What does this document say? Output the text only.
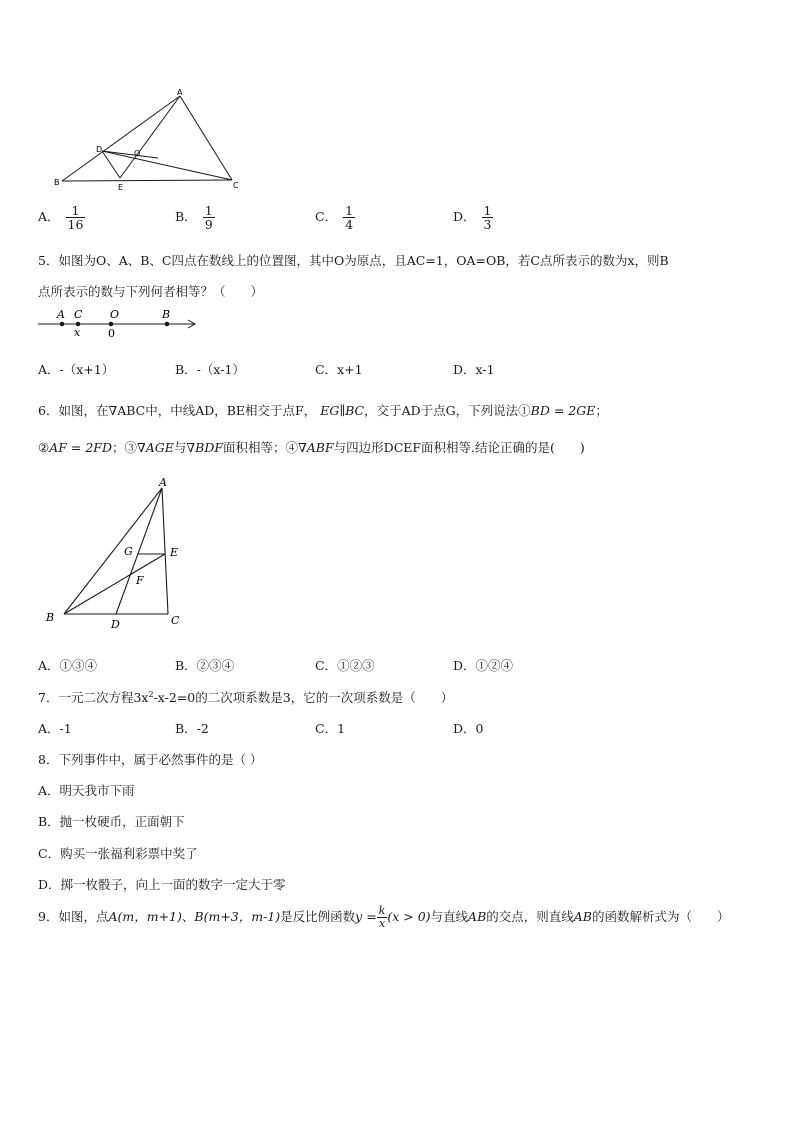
A
B	C
D
E
O
A． $\frac{1}{16}$	B． $\frac{1}{9}$	C． $\frac{1}{4}$	D． $\frac{1}{3}$
5．如图为O、A、B、C四点在数线上的位置图，其中O为原点，且AC=1，OA=OB，若C点所表示的数为x，则B
点所表示的数与下列何者相等？（　　）
A C	O	B
x	0
A．-（x+1）	B．-（x-1）	C．x+1	D．x-1
6．如图，在∇ABC中，中线AD，BE相交于点F， EG∥BC，交于AD于点G，下列说法①BD = 2GE；
②AF = 2FD；③∇AGE与∇BDF面积相等；④∇ABF与四边形DCEF面积相等.结论正确的是(　　)
A
B	C
D
E
F
G
A．①③④	B．②③④	C．①②③	D．①②④
7．一元二次方程$3x^2-x-2=0$的二次项系数是3，它的一次项系数是（　　）
A．-1	B．-2	C．1	D．0
8．下列事件中，属于必然事件的是（ ）
A．明天我市下雨
B．抛一枚硬币，正面朝下
C．购买一张福利彩票中奖了
D．掷一枚骰子，向上一面的数字一定大于零
9．如图，点A(m，m+1)、B(m+3，m-1)是反比例函数$y = \frac{k}{x} (x > 0)$与直线AB的交点，则直线AB的函数解析式为（　　）
